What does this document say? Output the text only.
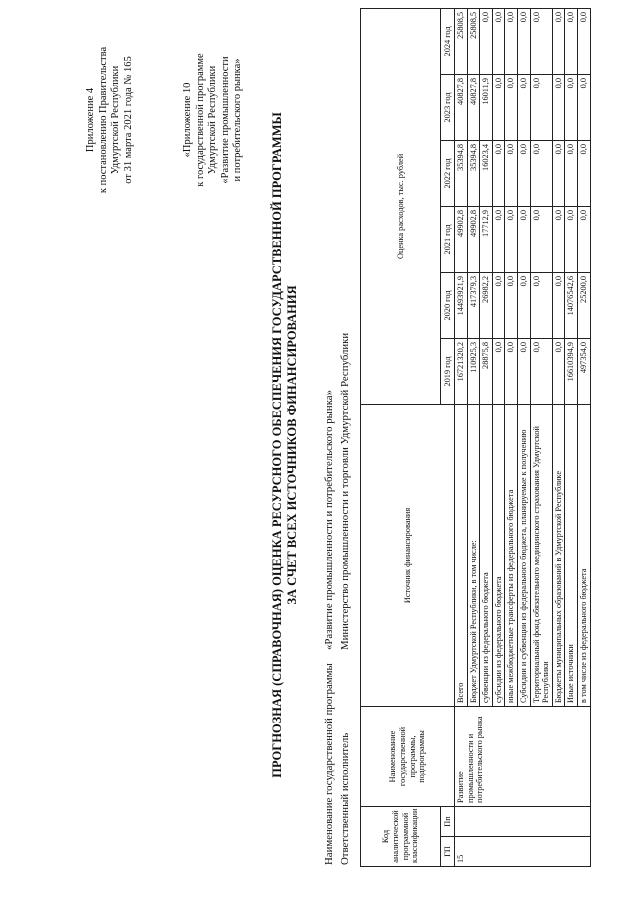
Приложение 4 к постановлению Правительства Удмуртской Республики от 31 марта 2021 года № 165	«Приложение 10 к государственной программе Удмуртской Республики «Развитие промышленности и потребительского рынка» ПРОГНОЗНАЯ (СПРАВОЧНАЯ) ОЦЕНКА РЕСУРСНОГО ОБЕСПЕЧЕНИЯ ГОСУДАРСТВЕННОЙ ПРОГРАММЫ ЗА СЧЕТ ВСЕХ ИСТОЧНИКОВ ФИНАНСИРОВАНИЯ
Наименование государственной программы«Развитие промышленности и потребительского рынка»
Ответственный исполнительМинистерство промышленности и торговли Удмуртской Республики
Код аналитической программной классификации		Наименование государственной программы, подпрограммы	Источник финансирования	Оценка расходов, тыс. рублей					
ГП	Пп			2019 год	2020 год	2021 год	2022 год	2023 год	2024 год
15		Развитие промышленности и потребительского рынка	Всего	16721320,2	14493921,9	49902,8	35394,8	40827,8	25808,5
			Бюджет Удмуртской Республики, в том числе:	110925,3	417379,3	49902,8	35394,8	40827,8	25808,5
			субвенции из федерального бюджета	28875,8	26982,2	17712,9	16023,4	16011,9	0,0
			субсидии из федерального бюджета	0,0	0,0	0,0	0,0	0,0	0,0
			иные межбюджетные трансферты из федерального бюджета	0,0	0,0	0,0	0,0	0,0	0,0
			Субсидии и субвенции из федерального бюджета, планируемые к получению	0,0	0,0	0,0	0,0	0,0	0,0
			Территориальный фонд обязательного медицинского страхования Удмуртской Республики	0,0	0,0	0,0	0,0	0,0	0,0
			Бюджеты муниципальных образований в Удмуртской Республике	0,0	0,0	0,0	0,0	0,0	0,0
			Иные источники	16610394,9	14076542,6	0,0	0,0	0,0	0,0
			в том числе из федерального бюджета	497354,0	25200,0	0,0	0,0	0,0	0,0
